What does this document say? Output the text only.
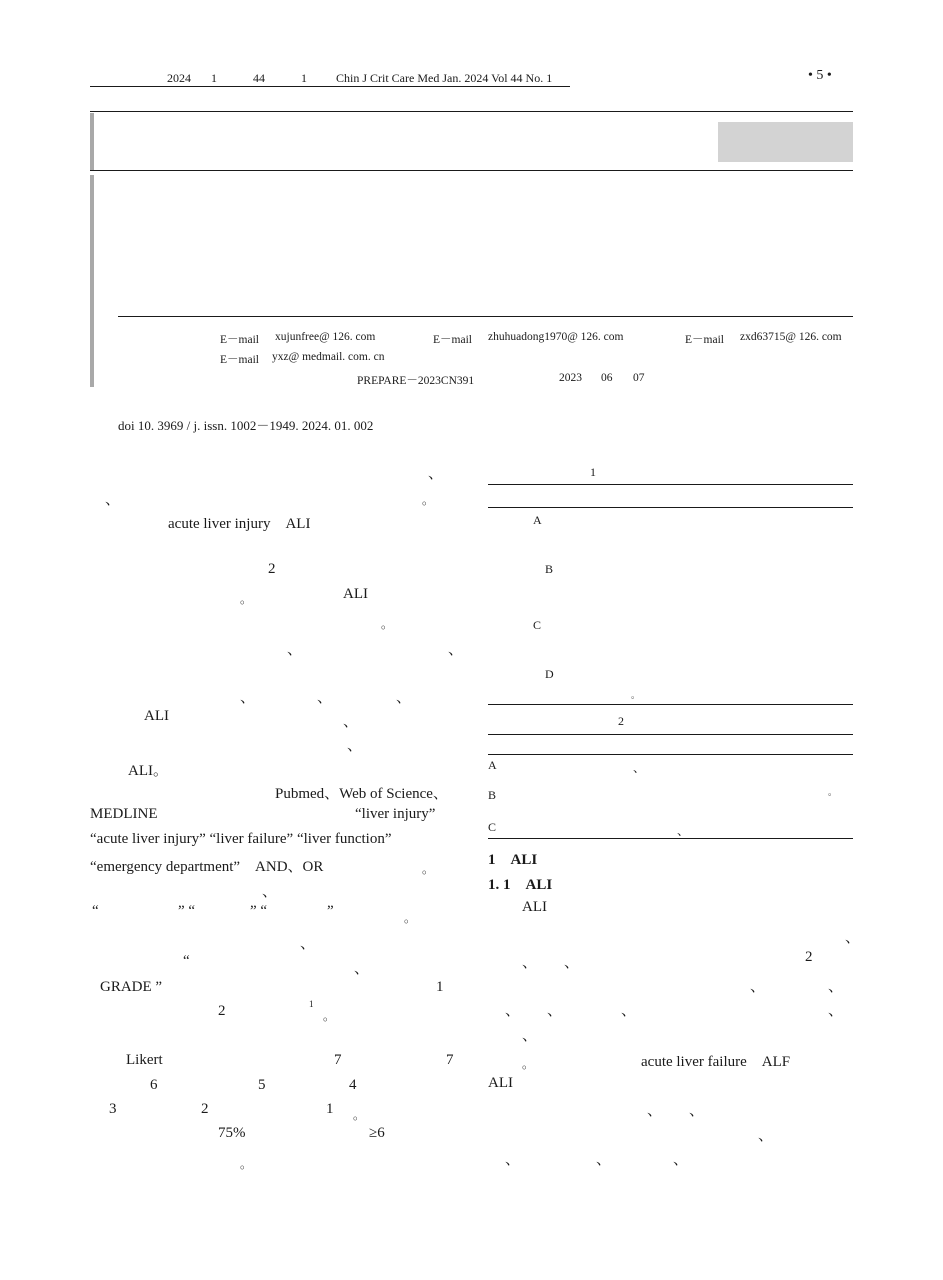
2024 1	44	1 Chin J Crit Care Med Jan. 2024 Vol 44 No. 1	• 5 •
E－mail xujunfree@ 126. com	E－mail zhuhuadong1970@ 126. com	E－mail zxd63715@ 126. com
E－mail yxz@ medmail. com. cn
PREPARE－2023CN391	2023 06 07
doi 10. 3969 / j. issn. 1002－1949. 2024. 01. 002
、
、	。
acute liver injury　ALI
2
。	ALI
。
、	、
、	、	、
ALI	、
、
ALI。
Pubmed、Web of Science、
MEDLINE	“liver injury”
“acute liver injury” “liver failure” “liver function”
“emergency department”　AND、OR	。
、
“	” “	” “	”	。
、
“	、
GRADE ”	1
2	1
。
Likert	7	7
6	5	4
3	2	1 。
75%	≥6
。
1
A
B
C
D
。
2
A	、
B	。
C	、
1　ALI
1. 1　ALI
ALI
、
、 、	2
、	、
、 、	、	、
、
。	acute liver failure　ALF
ALI
、 、
、
、	、	、
